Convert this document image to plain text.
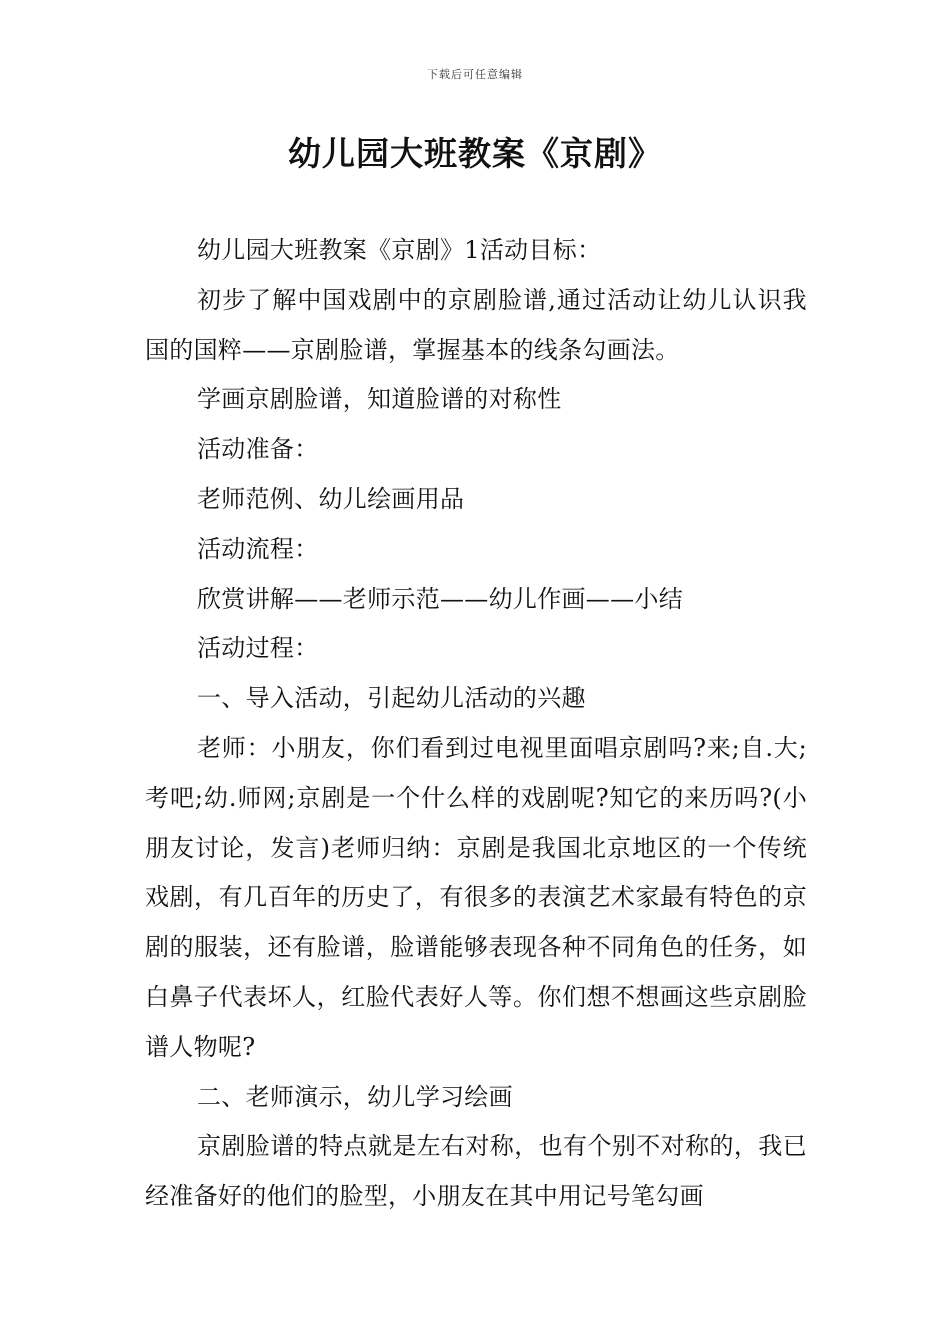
下载后可任意编辑
幼儿园大班教案《京剧》

幼儿园大班教案《京剧》1活动目标：

初步了解中国戏剧中的京剧脸谱,通过活动让幼儿认识我国的国粹——京剧脸谱，掌握基本的线条勾画法。

学画京剧脸谱，知道脸谱的对称性

活动准备：

老师范例、幼儿绘画用品

活动流程：

欣赏讲解——老师示范——幼儿作画——小结

活动过程：

一、导入活动，引起幼儿活动的兴趣

老师：小朋友，你们看到过电视里面唱京剧吗?来;自.大;考吧;幼.师网;京剧是一个什么样的戏剧呢?知它的来历吗?(小朋友讨论，发言)老师归纳：京剧是我国北京地区的一个传统戏剧，有几百年的历史了，有很多的表演艺术家最有特色的京剧的服装，还有脸谱，脸谱能够表现各种不同角色的任务，如白鼻子代表坏人，红脸代表好人等。你们想不想画这些京剧脸谱人物呢?

二、老师演示，幼儿学习绘画

京剧脸谱的特点就是左右对称，也有个别不对称的，我已经准备好的他们的脸型，小朋友在其中用记号笔勾画
